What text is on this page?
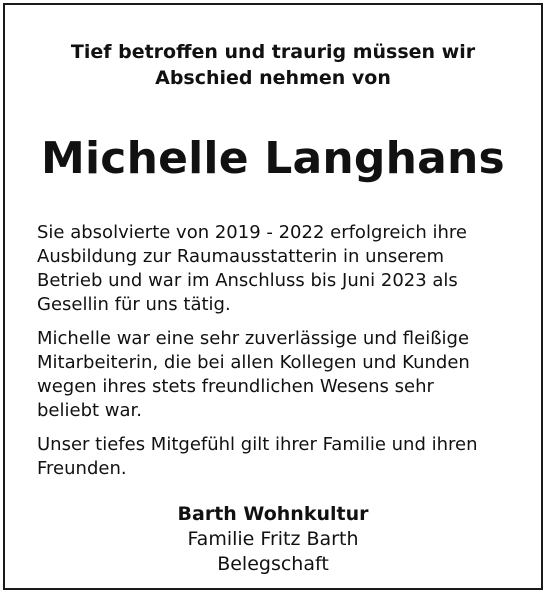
Tief betroffen und traurig müssen wir
Abschied nehmen von
Michelle Langhans

Sie absolvierte von 2019 - 2022 erfolgreich ihre
Ausbildung zur Raumausstatterin in unserem
Betrieb und war im Anschluss bis Juni 2023 als
Gesellin für uns tätig.

Michelle war eine sehr zuverlässige und fleißige
Mitarbeiterin, die bei allen Kollegen und Kunden
wegen ihres stets freundlichen Wesens sehr
beliebt war.

Unser tiefes Mitgefühl gilt ihrer Familie und ihren
Freunden.

Barth Wohnkultur
Familie Fritz Barth
Belegschaft
